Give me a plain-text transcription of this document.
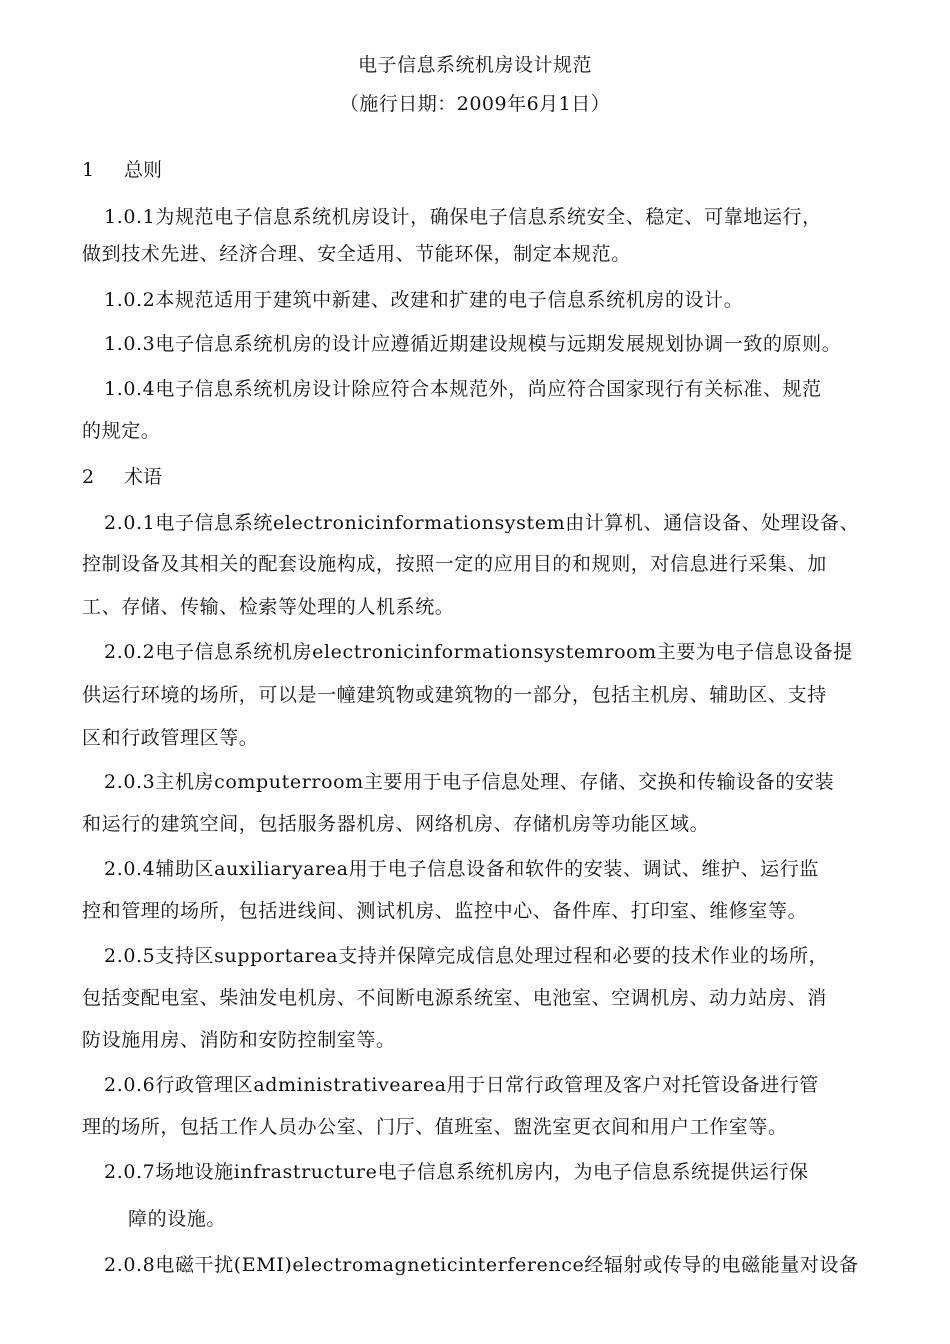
电子信息系统机房设计规范
（施行日期：2009年6月1日）
1 总则
1.0.1为规范电子信息系统机房设计，确保电子信息系统安全、稳定、可靠地运行，
做到技术先进、经济合理、安全适用、节能环保，制定本规范。
1.0.2本规范适用于建筑中新建、改建和扩建的电子信息系统机房的设计。
1.0.3电子信息系统机房的设计应遵循近期建设规模与远期发展规划协调一致的原则。
1.0.4电子信息系统机房设计除应符合本规范外，尚应符合国家现行有关标准、规范
的规定。
2 术语
2.0.1电子信息系统electronicinformationsystem由计算机、通信设备、处理设备、
控制设备及其相关的配套设施构成，按照一定的应用目的和规则，对信息进行采集、加
工、存储、传输、检索等处理的人机系统。
2.0.2电子信息系统机房electronicinformationsystemroom主要为电子信息设备提
供运行环境的场所，可以是一幢建筑物或建筑物的一部分，包括主机房、辅助区、支持
区和行政管理区等。
2.0.3主机房computerroom主要用于电子信息处理、存储、交换和传输设备的安装
和运行的建筑空间，包括服务器机房、网络机房、存储机房等功能区域。
2.0.4辅助区auxiliaryarea用于电子信息设备和软件的安装、调试、维护、运行监
控和管理的场所，包括进线间、测试机房、监控中心、备件库、打印室、维修室等。
2.0.5支持区supportarea支持并保障完成信息处理过程和必要的技术作业的场所，
包括变配电室、柴油发电机房、不间断电源系统室、电池室、空调机房、动力站房、消
防设施用房、消防和安防控制室等。
2.0.6行政管理区administrativearea用于日常行政管理及客户对托管设备进行管
理的场所，包括工作人员办公室、门厅、值班室、盥洗室更衣间和用户工作室等。
2.0.7场地设施infrastructure电子信息系统机房内，为电子信息系统提供运行保
障的设施。
2.0.8电磁干扰(EMI)electromagneticinterference经辐射或传导的电磁能量对设备
